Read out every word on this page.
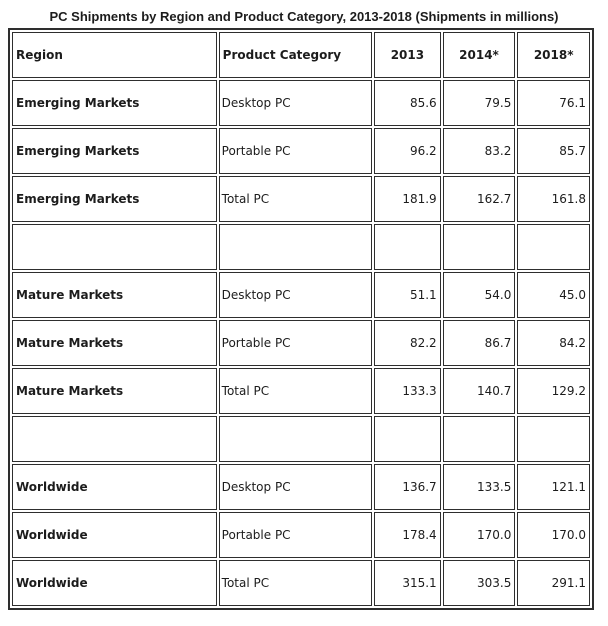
PC Shipments by Region and Product Category, 2013-2018 (Shipments in millions)
Region	Product Category	2013	2014*	2018*
Emerging Markets	Desktop PC	85.6	79.5	76.1
Emerging Markets	Portable PC	96.2	83.2	85.7
Emerging Markets	Total PC	181.9	162.7	161.8

Mature Markets	Desktop PC	51.1	54.0	45.0
Mature Markets	Portable PC	82.2	86.7	84.2
Mature Markets	Total PC	133.3	140.7	129.2

Worldwide	Desktop PC	136.7	133.5	121.1
Worldwide	Portable PC	178.4	170.0	170.0
Worldwide	Total PC	315.1	303.5	291.1
